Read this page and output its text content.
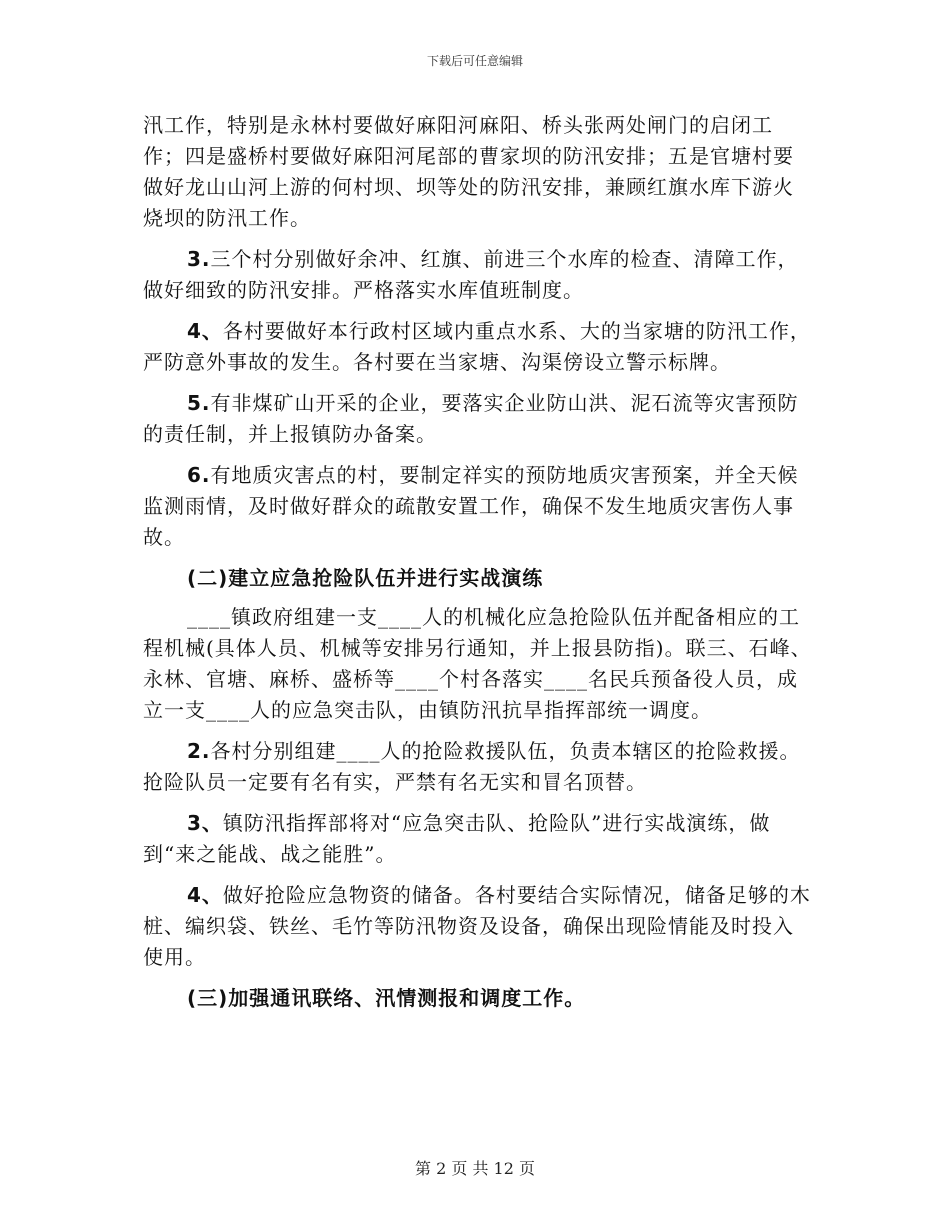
下载后可任意编辑

汛工作，特别是永林村要做好麻阳河麻阳、桥头张两处闸门的启闭工作；四是盛桥村要做好麻阳河尾部的曹家坝的防汛安排；五是官塘村要做好龙山山河上游的何村坝、坝等处的防汛安排，兼顾红旗水库下游火烧坝的防汛工作。

3.三个村分别做好余冲、红旗、前进三个水库的检查、清障工作，做好细致的防汛安排。严格落实水库值班制度。

4、各村要做好本行政村区域内重点水系、大的当家塘的防汛工作，严防意外事故的发生。各村要在当家塘、沟渠傍设立警示标牌。

5.有非煤矿山开采的企业，要落实企业防山洪、泥石流等灾害预防的责任制，并上报镇防办备案。

6.有地质灾害点的村，要制定祥实的预防地质灾害预案，并全天候监测雨情，及时做好群众的疏散安置工作，确保不发生地质灾害伤人事故。

(二)建立应急抢险队伍并进行实战演练

____镇政府组建一支____人的机械化应急抢险队伍并配备相应的工程机械(具体人员、机械等安排另行通知，并上报县防指)。联三、石峰、永林、官塘、麻桥、盛桥等____个村各落实____名民兵预备役人员，成立一支____人的应急突击队，由镇防汛抗旱指挥部统一调度。

2.各村分别组建____人的抢险救援队伍，负责本辖区的抢险救援。抢险队员一定要有名有实，严禁有名无实和冒名顶替。

3、镇防汛指挥部将对“应急突击队、抢险队”进行实战演练，做到“来之能战、战之能胜”。

4、做好抢险应急物资的储备。各村要结合实际情况，储备足够的木桩、编织袋、铁丝、毛竹等防汛物资及设备，确保出现险情能及时投入使用。

(三)加强通讯联络、汛情测报和调度工作。

第 2 页 共 12 页
